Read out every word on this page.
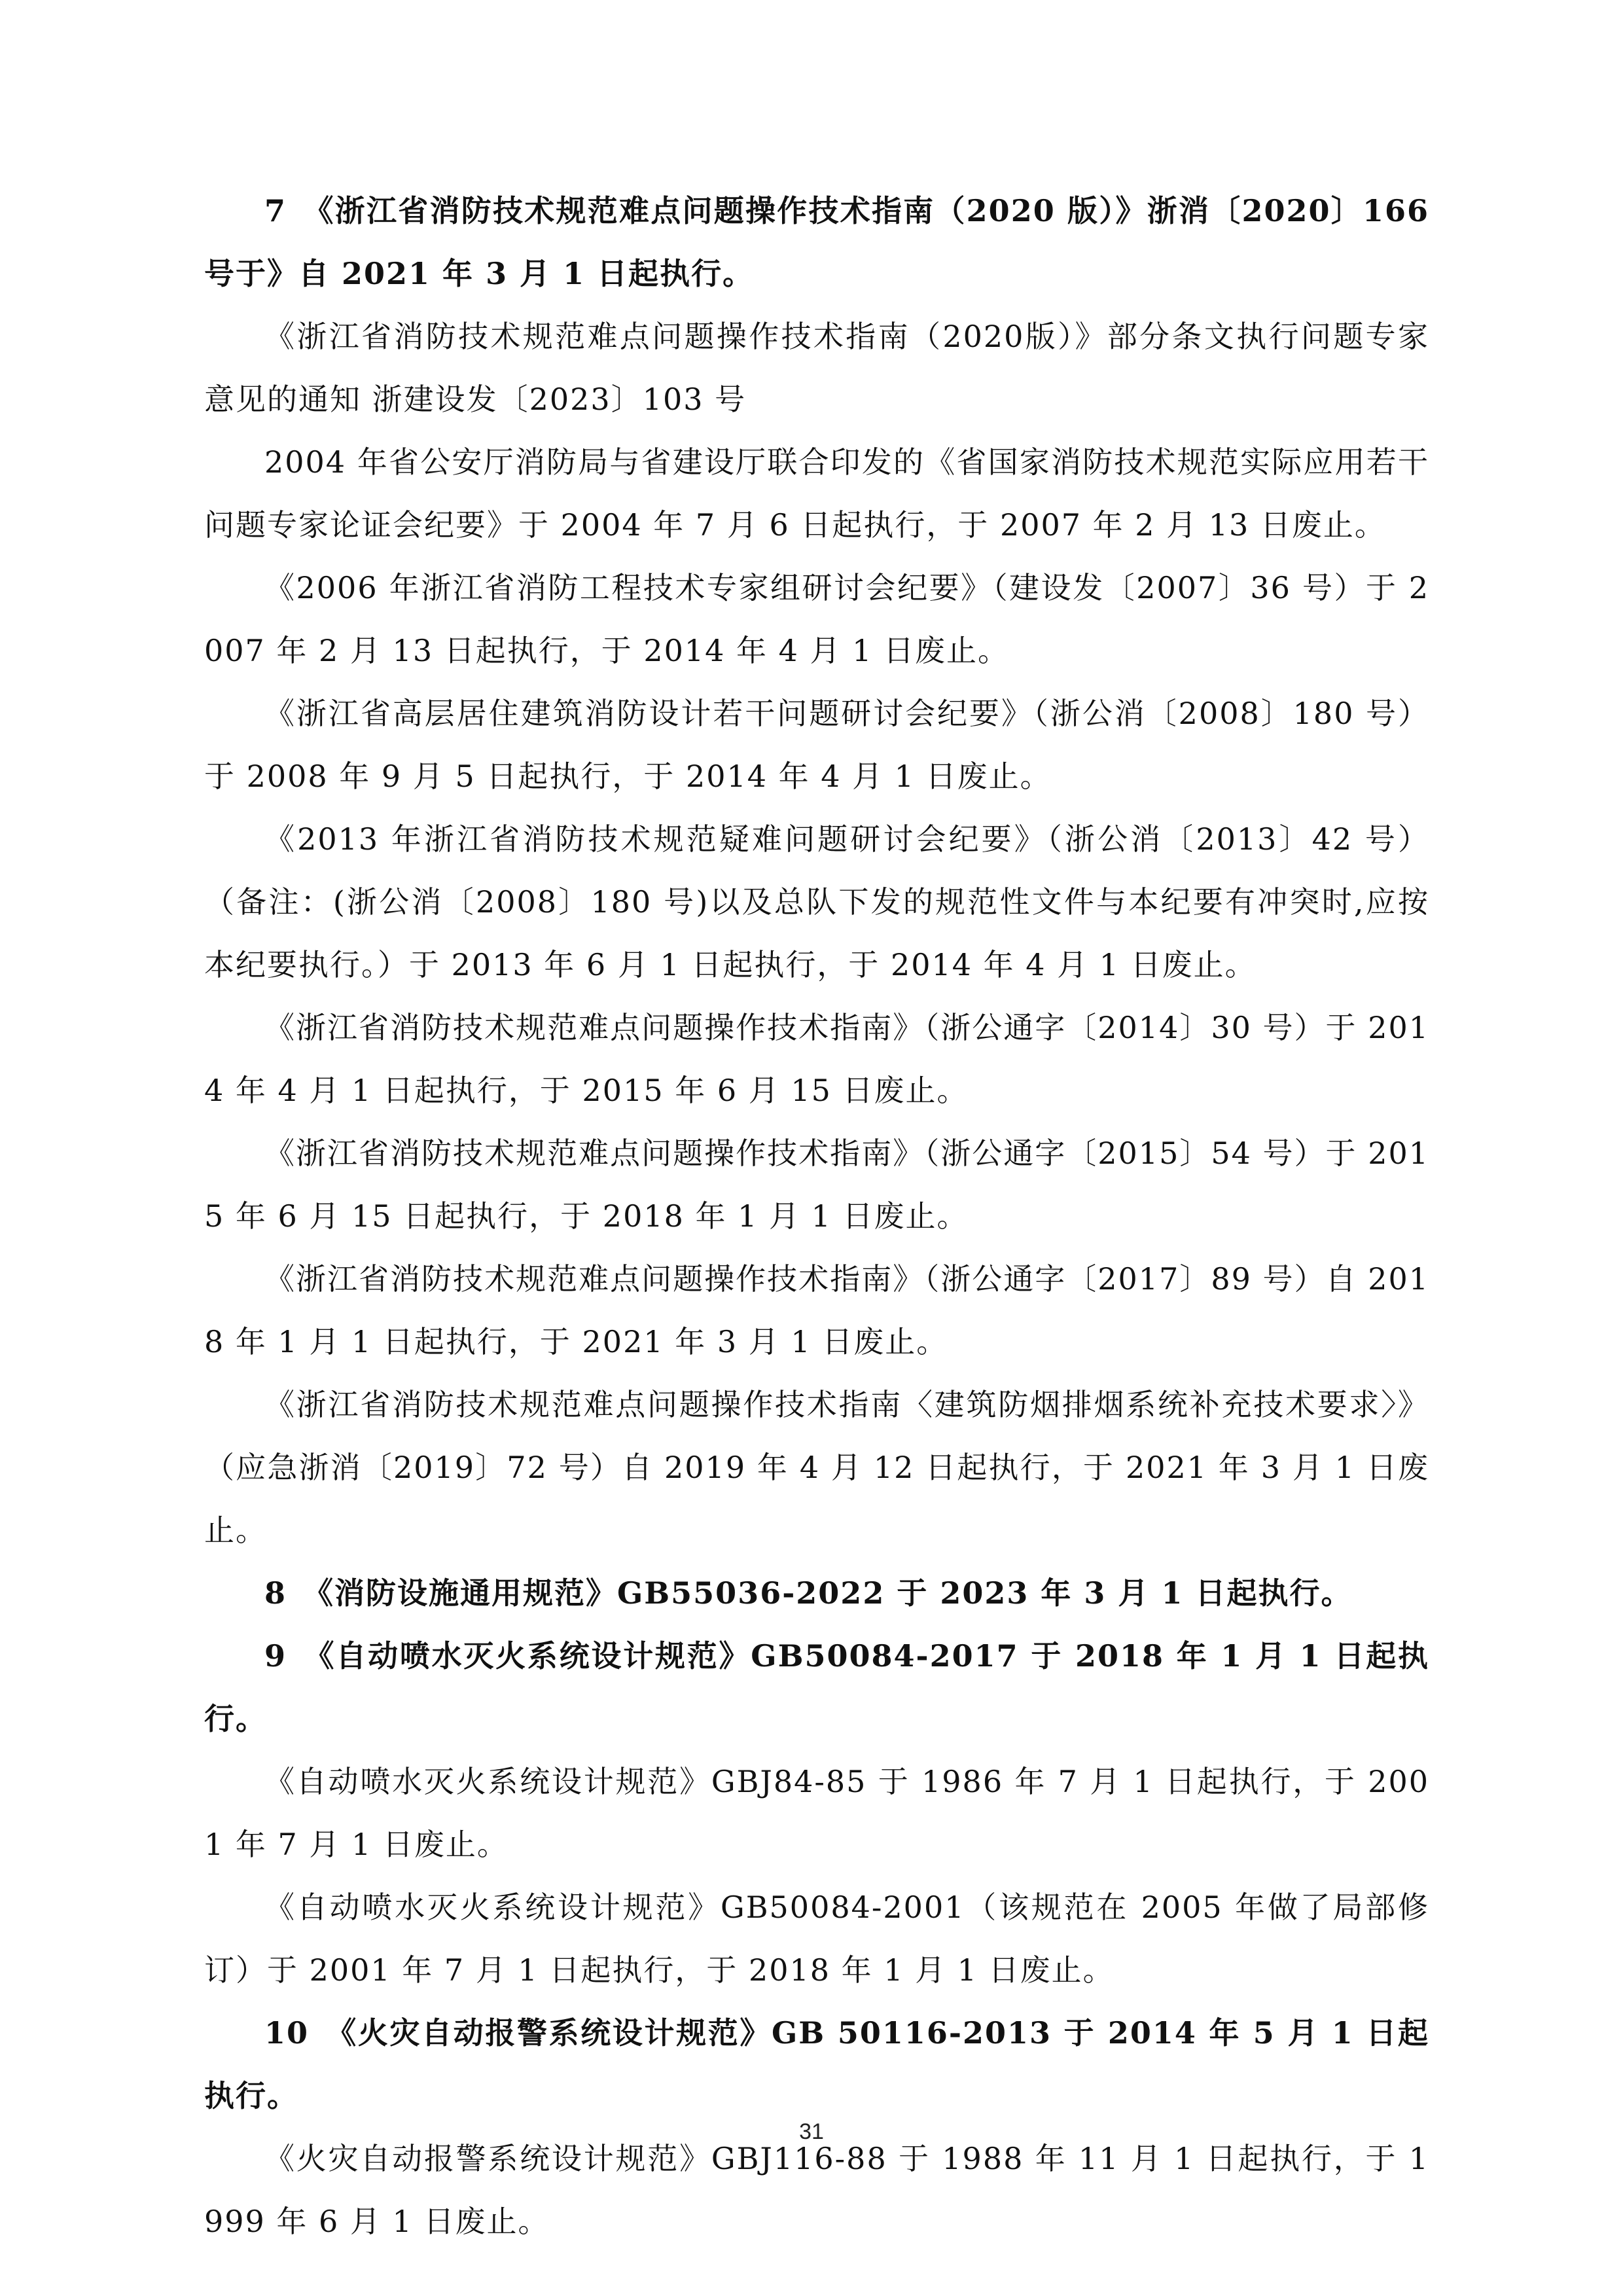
7　《浙江省消防技术规范难点问题操作技术指南（2020 版）》浙消〔2020〕166 号于》自 2021 年 3 月 1 日起执行。

《浙江省消防技术规范难点问题操作技术指南（2020版）》部分条文执行问题专家意见的通知 浙建设发〔2023〕103 号

2004 年省公安厅消防局与省建设厅联合印发的《省国家消防技术规范实际应用若干问题专家论证会纪要》于 2004 年 7 月 6 日起执行，于 2007 年 2 月 13 日废止。

《2006 年浙江省消防工程技术专家组研讨会纪要》（建设发〔2007〕36 号）于 2007 年 2 月 13 日起执行，于 2014 年 4 月 1 日废止。

《浙江省高层居住建筑消防设计若干问题研讨会纪要》（浙公消〔2008〕180 号）于 2008 年 9 月 5 日起执行，于 2014 年 4 月 1 日废止。

《2013 年浙江省消防技术规范疑难问题研讨会纪要》（浙公消〔2013〕42 号）（备注：(浙公消〔2008〕180 号)以及总队下发的规范性文件与本纪要有冲突时,应按本纪要执行。）于 2013 年 6 月 1 日起执行，于 2014 年 4 月 1 日废止。

《浙江省消防技术规范难点问题操作技术指南》（浙公通字〔2014〕30 号）于 2014 年 4 月 1 日起执行，于 2015 年 6 月 15 日废止。

《浙江省消防技术规范难点问题操作技术指南》（浙公通字〔2015〕54 号）于 2015 年 6 月 15 日起执行，于 2018 年 1 月 1 日废止。

《浙江省消防技术规范难点问题操作技术指南》（浙公通字〔2017〕89 号）自 2018 年 1 月 1 日起执行，于 2021 年 3 月 1 日废止。

《浙江省消防技术规范难点问题操作技术指南〈建筑防烟排烟系统补充技术要求〉》（应急浙消〔2019〕72 号）自 2019 年 4 月 12 日起执行，于 2021 年 3 月 1 日废止。

8　《消防设施通用规范》GB55036-2022 于 2023 年 3 月 1 日起执行。

9　《自动喷水灭火系统设计规范》GB50084-2017 于 2018 年 1 月 1 日起执行。

《自动喷水灭火系统设计规范》GBJ84-85 于 1986 年 7 月 1 日起执行，于 2001 年 7 月 1 日废止。

《自动喷水灭火系统设计规范》GB50084-2001（该规范在 2005 年做了局部修订）于 2001 年 7 月 1 日起执行，于 2018 年 1 月 1 日废止。

10　《火灾自动报警系统设计规范》GB 50116-2013 于 2014 年 5 月 1 日起执行。

《火灾自动报警系统设计规范》GBJ116-88 于 1988 年 11 月 1 日起执行，于 1999 年 6 月 1 日废止。

31
